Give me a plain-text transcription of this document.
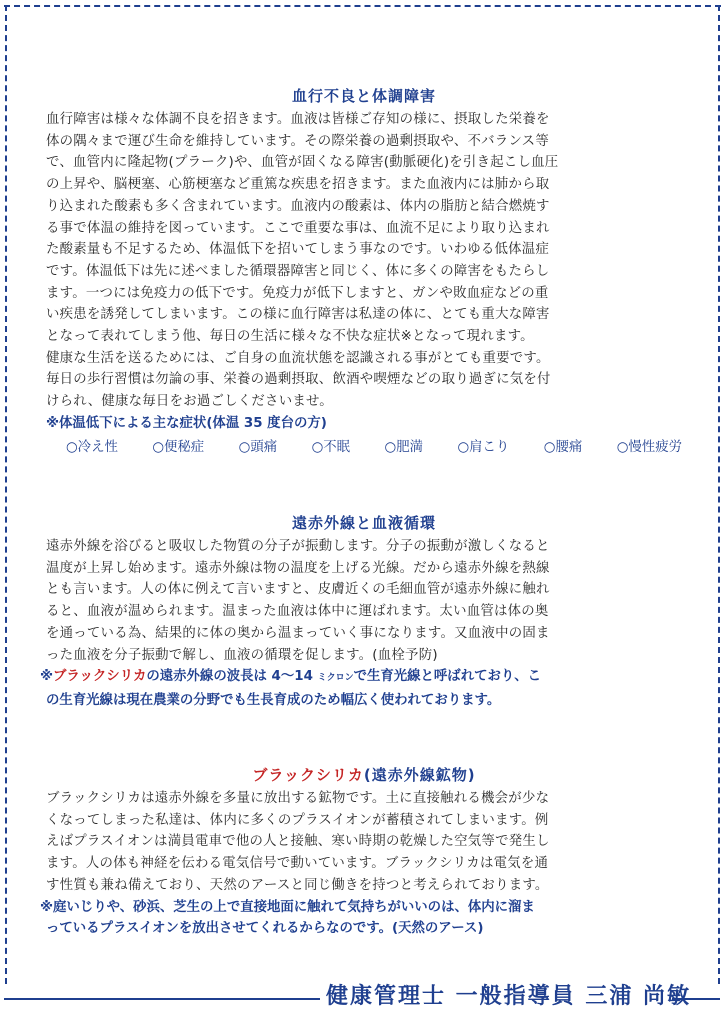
血行不良と体調障害

血行障害は様々な体調不良を招きます。血液は皆様ご存知の様に、摂取した栄養を

体の隅々まで運び生命を維持しています。その際栄養の過剰摂取や、不バランス等

で、血管内に隆起物(プラーク)や、血管が固くなる障害(動脈硬化)を引き起こし血圧

の上昇や、脳梗塞、心筋梗塞など重篤な疾患を招きます。また血液内には肺から取

り込まれた酸素も多く含まれています。血液内の酸素は、体内の脂肪と結合燃焼す

る事で体温の維持を図っています。ここで重要な事は、血流不足により取り込まれ

た酸素量も不足するため、体温低下を招いてしまう事なのです。いわゆる低体温症

です。体温低下は先に述べました循環器障害と同じく、体に多くの障害をもたらし

ます。一つには免疫力の低下です。免疫力が低下しますと、ガンや敗血症などの重

い疾患を誘発してしまいます。この様に血行障害は私達の体に、とても重大な障害

となって表れてしまう他、毎日の生活に様々な不快な症状※となって現れます。

健康な生活を送るためには、ご自身の血流状態を認識される事がとても重要です。

毎日の歩行習慣は勿論の事、栄養の過剰摂取、飲酒や喫煙などの取り過ぎに気を付

けられ、健康な毎日をお過ごしくださいませ。

※体温低下による主な症状(体温 35 度台の方)

○冷え性	○便秘症	○頭痛	○不眠	○肥満	○肩こり	○腰痛	○慢性疲労
遠赤外線と血液循環

遠赤外線を浴びると吸収した物質の分子が振動します。分子の振動が激しくなると

温度が上昇し始めます。遠赤外線は物の温度を上げる光線。だから遠赤外線を熱線

とも言います。人の体に例えて言いますと、皮膚近くの毛細血管が遠赤外線に触れ

ると、血液が温められます。温まった血液は体中に運ばれます。太い血管は体の奥

を通っている為、結果的に体の奥から温まっていく事になります。又血液中の固ま

った血液を分子振動で解し、血液の循環を促します。(血栓予防)

※ブラックシリカの遠赤外線の波長は 4～14 ミクロンで生育光線と呼ばれており、こ

の生育光線は現在農業の分野でも生長育成のため幅広く使われております。

ブラックシリカ(遠赤外線鉱物)

ブラックシリカは遠赤外線を多量に放出する鉱物です。土に直接触れる機会が少な

くなってしまった私達は、体内に多くのプラスイオンが蓄積されてしまいます。例

えばプラスイオンは満員電車で他の人と接触、寒い時期の乾燥した空気等で発生し

ます。人の体も神経を伝わる電気信号で動いています。ブラックシリカは電気を通

す性質も兼ね備えており、天然のアースと同じ働きを持つと考えられております。

※庭いじりや、砂浜、芝生の上で直接地面に触れて気持ちがいいのは、体内に溜ま

っているプラスイオンを放出させてくれるからなのです。(天然のアース)

健康管理士 一般指導員 三浦 尚敏
